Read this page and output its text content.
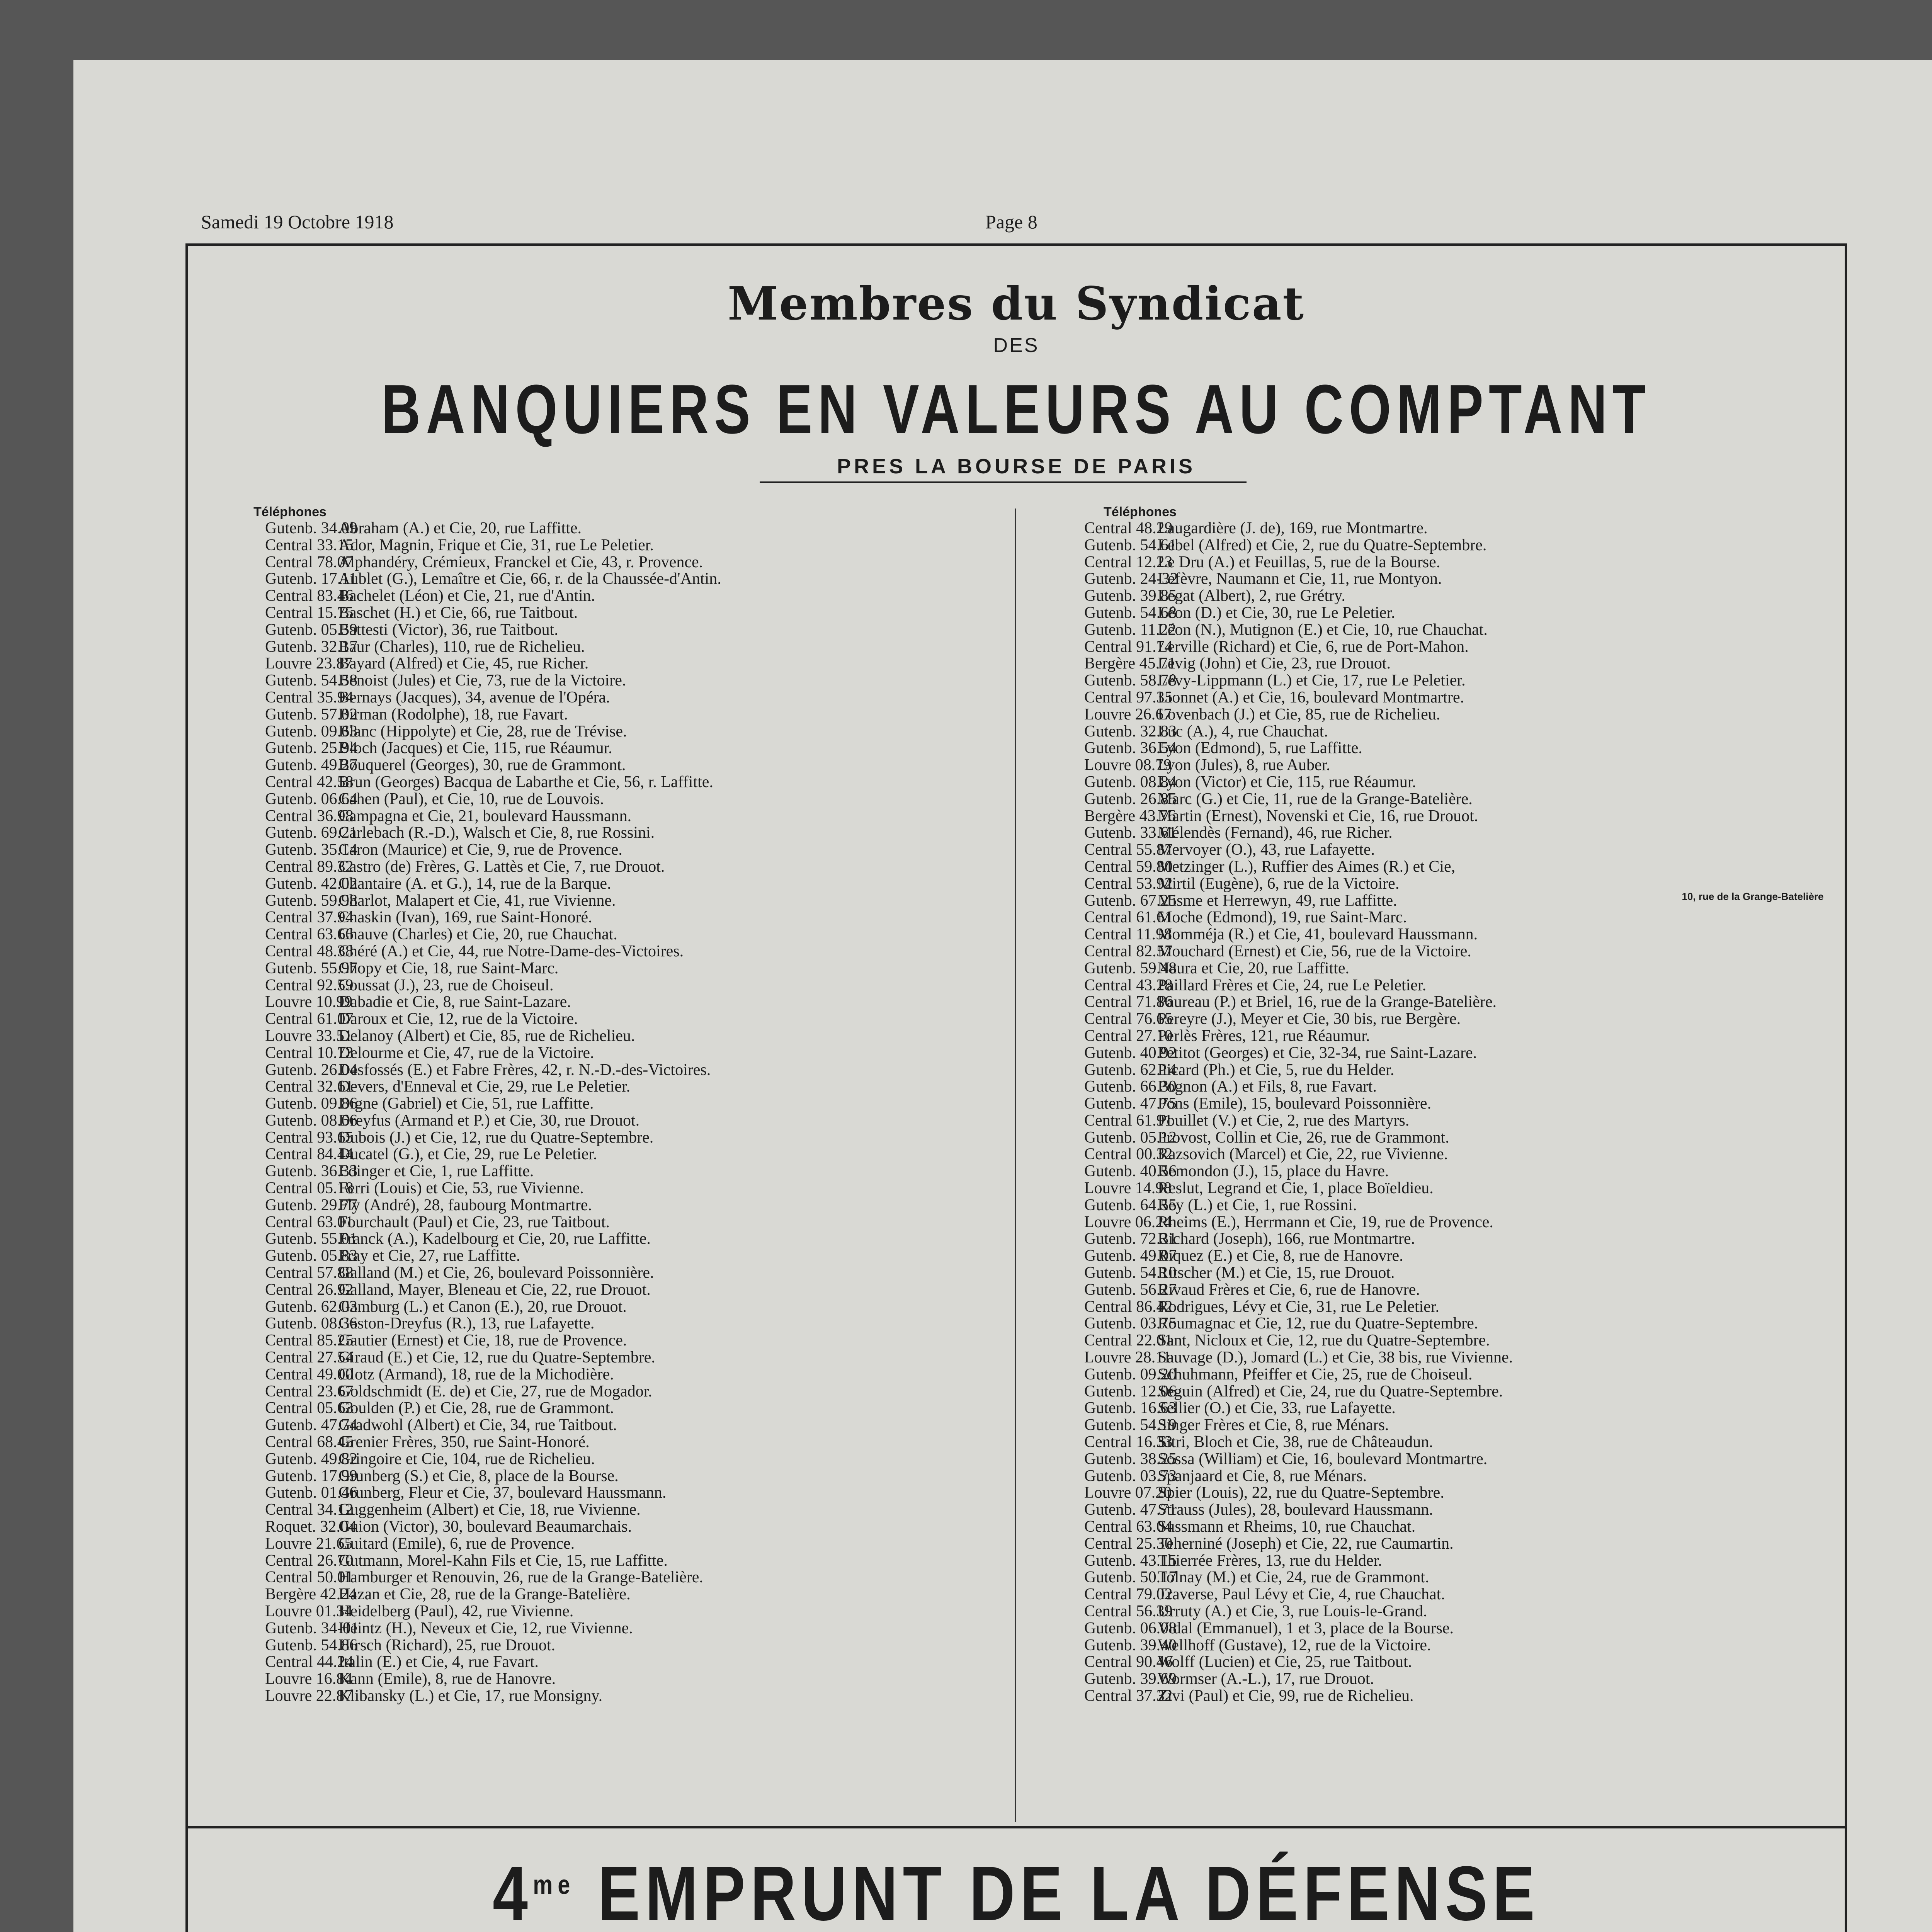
Samedi 19 Octobre 1918	Page 8
Membres du Syndicat
DES
BANQUIERS EN VALEURS AU COMPTANT
PRES LA BOURSE DE PARIS
Téléphones	Téléphones
Gutenb. 34.09
Abraham (A.) et Cie, 20, rue Laffitte.
Central 33.15
Ador, Magnin, Frique et Cie, 31, rue Le Peletier.
Central 78.07
Alphandéry, Crémieux, Franckel et Cie, 43, r. Provence.
Gutenb. 17.11
Aublet (G.), Lemaître et Cie, 66, r. de la Chaussée-d'Antin.
Central 83.46
Bachelet (Léon) et Cie, 21, rue d'Antin.
Central 15.75
Baschet (H.) et Cie, 66, rue Taitbout.
Gutenb. 05.59
Battesti (Victor), 36, rue Taitbout.
Gutenb. 32.17
Baur (Charles), 110, rue de Richelieu.
Louvre 23.87
Bayard (Alfred) et Cie, 45, rue Richer.
Gutenb. 54.58
Benoist (Jules) et Cie, 73, rue de la Victoire.
Central 35.94
Bernays (Jacques), 34, avenue de l'Opéra.
Gutenb. 57.02
Birman (Rodolphe), 18, rue Favart.
Gutenb. 09.63
Blanc (Hippolyte) et Cie, 28, rue de Trévise.
Gutenb. 25.94
Bloch (Jacques) et Cie, 115, rue Réaumur.
Gutenb. 49.27
Bouquerel (Georges), 30, rue de Grammont.
Central 42.58
Brun (Georges) Bacqua de Labarthe et Cie, 56, r. Laffitte.
Gutenb. 06.64
Cahen (Paul), et Cie, 10, rue de Louvois.
Central 36.98
Campagna et Cie, 21, boulevard Haussmann.
Gutenb. 69.21
Carlebach (R.-D.), Walsch et Cie, 8, rue Rossini.
Gutenb. 35.14
Caron (Maurice) et Cie, 9, rue de Provence.
Central 89.32
Castro (de) Frères, G. Lattès et Cie, 7, rue Drouot.
Gutenb. 42.02
Chantaire (A. et G.), 14, rue de la Barque.
Gutenb. 59.98
Charlot, Malapert et Cie, 41, rue Vivienne.
Central 37.94
Chaskin (Ivan), 169, rue Saint-Honoré.
Central 63.66
Chauve (Charles) et Cie, 20, rue Chauchat.
Central 48.38
Chéré (A.) et Cie, 44, rue Notre-Dame-des-Victoires.
Gutenb. 55.97
Chopy et Cie, 18, rue Saint-Marc.
Central 92.59
Coussat (J.), 23, rue de Choiseul.
Louvre 10.99
Dabadie et Cie, 8, rue Saint-Lazare.
Central 61.07
Daroux et Cie, 12, rue de la Victoire.
Louvre 33.51
Delanoy (Albert) et Cie, 85, rue de Richelieu.
Central 10.73
Delourme et Cie, 47, rue de la Victoire.
Gutenb. 26.04
Desfossés (E.) et Fabre Frères, 42, r. N.-D.-des-Victoires.
Central 32.61
Devers, d'Enneval et Cie, 29, rue Le Peletier.
Gutenb. 09.86
Digne (Gabriel) et Cie, 51, rue Laffitte.
Gutenb. 08.66
Dreyfus (Armand et P.) et Cie, 30, rue Drouot.
Central 93.65
Dubois (J.) et Cie, 12, rue du Quatre-Septembre.
Central 84.44
Ducatel (G.), et Cie, 29, rue Le Peletier.
Gutenb. 36.33
Edinger et Cie, 1, rue Laffitte.
Central 05.18
Ferri (Louis) et Cie, 53, rue Vivienne.
Gutenb. 29.77
Fly (André), 28, faubourg Montmartre.
Central 63.01
Fourchault (Paul) et Cie, 23, rue Taitbout.
Gutenb. 55.01
Franck (A.), Kadelbourg et Cie, 20, rue Laffitte.
Gutenb. 05.83
Fray et Cie, 27, rue Laffitte.
Central 57.88
Galland (M.) et Cie, 26, boulevard Poissonnière.
Central 26.92
Galland, Mayer, Bleneau et Cie, 22, rue Drouot.
Gutenb. 62.03
Gamburg (L.) et Canon (E.), 20, rue Drouot.
Gutenb. 08.36
Gaston-Dreyfus (R.), 13, rue Lafayette.
Central 85.25
Gautier (Ernest) et Cie, 18, rue de Provence.
Central 27.54
Giraud (E.) et Cie, 12, rue du Quatre-Septembre.
Central 49.00
Glotz (Armand), 18, rue de la Michodière.
Central 23.67
Goldschmidt (E. de) et Cie, 27, rue de Mogador.
Central 05.63
Goulden (P.) et Cie, 28, rue de Grammont.
Gutenb. 47.74
Gradwohl (Albert) et Cie, 34, rue Taitbout.
Central 68.45
Grenier Frères, 350, rue Saint-Honoré.
Gutenb. 49.82
Gringoire et Cie, 104, rue de Richelieu.
Gutenb. 17.99
Grunberg (S.) et Cie, 8, place de la Bourse.
Gutenb. 01.46
Grunberg, Fleur et Cie, 37, boulevard Haussmann.
Central 34.12
Guggenheim (Albert) et Cie, 18, rue Vivienne.
Roquet. 32.04
Guion (Victor), 30, boulevard Beaumarchais.
Louvre 21.65
Guitard (Emile), 6, rue de Provence.
Central 26.70
Gutmann, Morel-Kahn Fils et Cie, 15, rue Laffitte.
Central 50.01
Hamburger et Renouvin, 26, rue de la Grange-Batelière.
Bergère 42.24
Hazan et Cie, 28, rue de la Grange-Batelière.
Louvre 01.34
Heidelberg (Paul), 42, rue Vivienne.
Gutenb. 34-01
Heintz (H.), Neveux et Cie, 12, rue Vivienne.
Gutenb. 54.86
Hirsch (Richard), 25, rue Drouot.
Central 44.24
Italin (E.) et Cie, 4, rue Favart.
Louvre 16.84
Kann (Emile), 8, rue de Hanovre.
Louvre 22.87
Klibansky (L.) et Cie, 17, rue Monsigny.
Central 48.29
Laugardière (J. de), 169, rue Montmartre.
Gutenb. 54.61
Lebel (Alfred) et Cie, 2, rue du Quatre-Septembre.
Central 12.23
Le Dru (A.) et Feuillas, 5, rue de la Bourse.
Gutenb. 24-32
Lefèvre, Naumann et Cie, 11, rue Montyon.
Gutenb. 39.85
Legat (Albert), 2, rue Grétry.
Gutenb. 54.68
Léon (D.) et Cie, 30, rue Le Peletier.
Gutenb. 11.22
Léon (N.), Mutignon (E.) et Cie, 10, rue Chauchat.
Central 91.74
Lerville (Richard) et Cie, 6, rue de Port-Mahon.
Bergère 45.71
Levig (John) et Cie, 23, rue Drouot.
Gutenb. 58.78
Lévy-Lippmann (L.) et Cie, 17, rue Le Peletier.
Central 97.35
Lionnet (A.) et Cie, 16, boulevard Montmartre.
Louvre 26.67
Lovenbach (J.) et Cie, 85, rue de Richelieu.
Gutenb. 32.83
Luc (A.), 4, rue Chauchat.
Gutenb. 36.54
Lyon (Edmond), 5, rue Laffitte.
Louvre 08.79
Lyon (Jules), 8, rue Auber.
Gutenb. 08.84
Lyon (Victor) et Cie, 115, rue Réaumur.
Gutenb. 26.85
Marc (G.) et Cie, 11, rue de la Grange-Batelière.
Bergère 43.76
Martin (Ernest), Novenski et Cie, 16, rue Drouot.
Gutenb. 33.61
Mélendès (Fernand), 46, rue Richer.
Central 55.87
Mervoyer (O.), 43, rue Lafayette.
Central 59.80
Metzinger (L.), Ruffier des Aimes (R.) et Cie,
Central 53.92
Mirtil (Eugène), 6, rue de la Victoire.
Gutenb. 67.25
Misme et Herrewyn, 49, rue Laffitte.
Central 61.61
Moche (Edmond), 19, rue Saint-Marc.
Central 11.98
Momméja (R.) et Cie, 41, boulevard Haussmann.
Central 82.57
Mouchard (Ernest) et Cie, 56, rue de la Victoire.
Gutenb. 59.48
Naura et Cie, 20, rue Laffitte.
Central 43.28
Paillard Frères et Cie, 24, rue Le Peletier.
Central 71.86
Paureau (P.) et Briel, 16, rue de la Grange-Batelière.
Central 76.65
Pereyre (J.), Meyer et Cie, 30 bis, rue Bergère.
Central 27.10
Perlès Frères, 121, rue Réaumur.
Gutenb. 40.92
Petitot (Georges) et Cie, 32-34, rue Saint-Lazare.
Gutenb. 62.14
Picard (Ph.) et Cie, 5, rue du Helder.
Gutenb. 66.30
Pognon (A.) et Fils, 8, rue Favart.
Gutenb. 47.75
Pons (Emile), 15, boulevard Poissonnière.
Central 61.91
Pouillet (V.) et Cie, 2, rue des Martyrs.
Gutenb. 05.12
Provost, Collin et Cie, 26, rue de Grammont.
Central 00.32
Razsovich (Marcel) et Cie, 22, rue Vivienne.
Gutenb. 40.56
Remondon (J.), 15, place du Havre.
Louvre 14.98
Reslut, Legrand et Cie, 1, place Boïeldieu.
Gutenb. 64.55
Rey (L.) et Cie, 1, rue Rossini.
Louvre 06.24
Rheims (E.), Herrmann et Cie, 19, rue de Provence.
Gutenb. 72.31
Richard (Joseph), 166, rue Montmartre.
Gutenb. 49.07
Riquez (E.) et Cie, 8, rue de Hanovre.
Gutenb. 54.10
Ritscher (M.) et Cie, 15, rue Drouot.
Gutenb. 56.27
Rivaud Frères et Cie, 6, rue de Hanovre.
Central 86.42
Rodrigues, Lévy et Cie, 31, rue Le Peletier.
Gutenb. 03.75
Roumagnac et Cie, 12, rue du Quatre-Septembre.
Central 22.01
Sant, Nicloux et Cie, 12, rue du Quatre-Septembre.
Louvre 28.11
Sauvage (D.), Jomard (L.) et Cie, 38 bis, rue Vivienne.
Gutenb. 09.20
Schuhmann, Pfeiffer et Cie, 25, rue de Choiseul.
Gutenb. 12.06
Seguin (Alfred) et Cie, 24, rue du Quatre-Septembre.
Gutenb. 16.63
Sellier (O.) et Cie, 33, rue Lafayette.
Gutenb. 54.19
Singer Frères et Cie, 8, rue Ménars.
Central 16.33
Sitri, Bloch et Cie, 38, rue de Châteaudun.
Gutenb. 38.25
Sossa (William) et Cie, 16, boulevard Montmartre.
Gutenb. 03.73
Spanjaard et Cie, 8, rue Ménars.
Louvre 07.20
Spier (Louis), 22, rue du Quatre-Septembre.
Gutenb. 47.71
Strauss (Jules), 28, boulevard Haussmann.
Central 63.04
Sussmann et Rheims, 10, rue Chauchat.
Central 25.30
Teherniné (Joseph) et Cie, 22, rue Caumartin.
Gutenb. 43.15
Thierrée Frères, 13, rue du Helder.
Gutenb. 50.17
Tolnay (M.) et Cie, 24, rue de Grammont.
Central 79.02
Traverse, Paul Lévy et Cie, 4, rue Chauchat.
Central 56.39
Urruty (A.) et Cie, 3, rue Louis-le-Grand.
Gutenb. 06.08
Vidal (Emmanuel), 1 et 3, place de la Bourse.
Gutenb. 39.40
Wellhoff (Gustave), 12, rue de la Victoire.
Central 90.46
Wolff (Lucien) et Cie, 25, rue Taitbout.
Gutenb. 39.69
Wormser (A.-L.), 17, rue Drouot.
Central 37.32
Zivi (Paul) et Cie, 99, rue de Richelieu.
10, rue de la Grange-Batelière
$4^{me}$ EMPRUNT DE LA DÉFENSE
